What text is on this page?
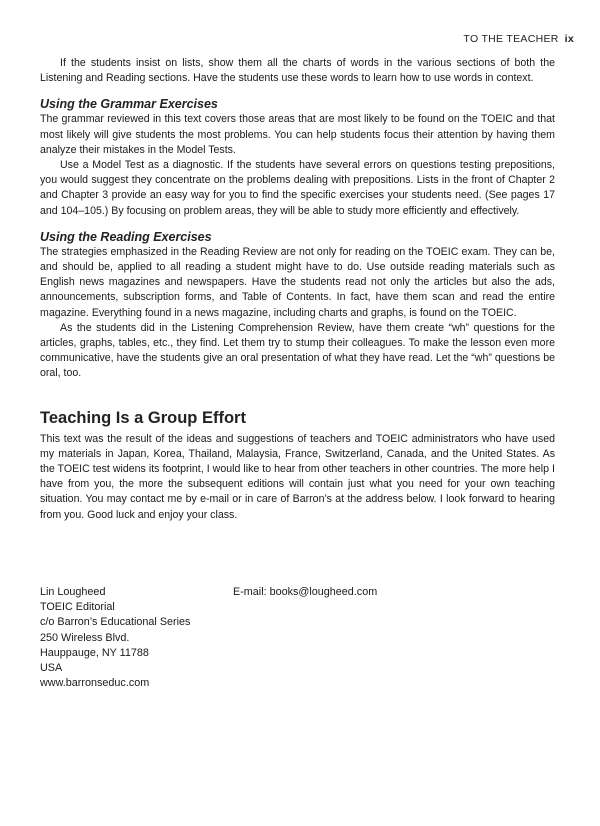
TO THE TEACHER ix

If the students insist on lists, show them all the charts of words in the various sections of both the Listening and Reading sections. Have the students use these words to learn how to use words in context.

Using the Grammar Exercises

The grammar reviewed in this text covers those areas that are most likely to be found on the TOEIC and that most likely will give students the most problems. You can help students focus their attention by having them analyze their mistakes in the Model Tests.

Use a Model Test as a diagnostic. If the students have several errors on questions testing prepositions, you would suggest they concentrate on the problems dealing with prepositions. Lists in the front of Chapter 2 and Chapter 3 provide an easy way for you to find the specific exercises your students need. (See pages 17 and 104–105.) By focusing on problem areas, they will be able to study more efficiently and effectively.

Using the Reading Exercises

The strategies emphasized in the Reading Review are not only for reading on the TOEIC exam. They can be, and should be, applied to all reading a student might have to do. Use outside reading materials such as English news magazines and newspapers. Have the students read not only the articles but also the ads, announcements, subscription forms, and Table of Contents. In fact, have them scan and read the entire magazine. Everything found in a news magazine, including charts and graphs, is found on the TOEIC.

As the students did in the Listening Comprehension Review, have them create “wh” questions for the articles, graphs, tables, etc., they find. Let them try to stump their colleagues. To make the lesson even more communicative, have the students give an oral presentation of what they have read. Let the “wh” questions be oral, too.

Teaching Is a Group Effort

This text was the result of the ideas and suggestions of teachers and TOEIC administrators who have used my materials in Japan, Korea, Thailand, Malaysia, France, Switzerland, Canada, and the United States. As the TOEIC test widens its footprint, I would like to hear from other teachers in other countries. The more help I have from you, the more the subsequent editions will contain just what you need for your own teaching situation. You may contact me by e-mail or in care of Barron’s at the address below. I look forward to hearing from you. Good luck and enjoy your class.

Lin Lougheed
TOEIC Editorial
c/o Barron’s Educational Series
250 Wireless Blvd.
Hauppauge, NY 11788
USA
www.barronseduc.com
E-mail: books@lougheed.com
